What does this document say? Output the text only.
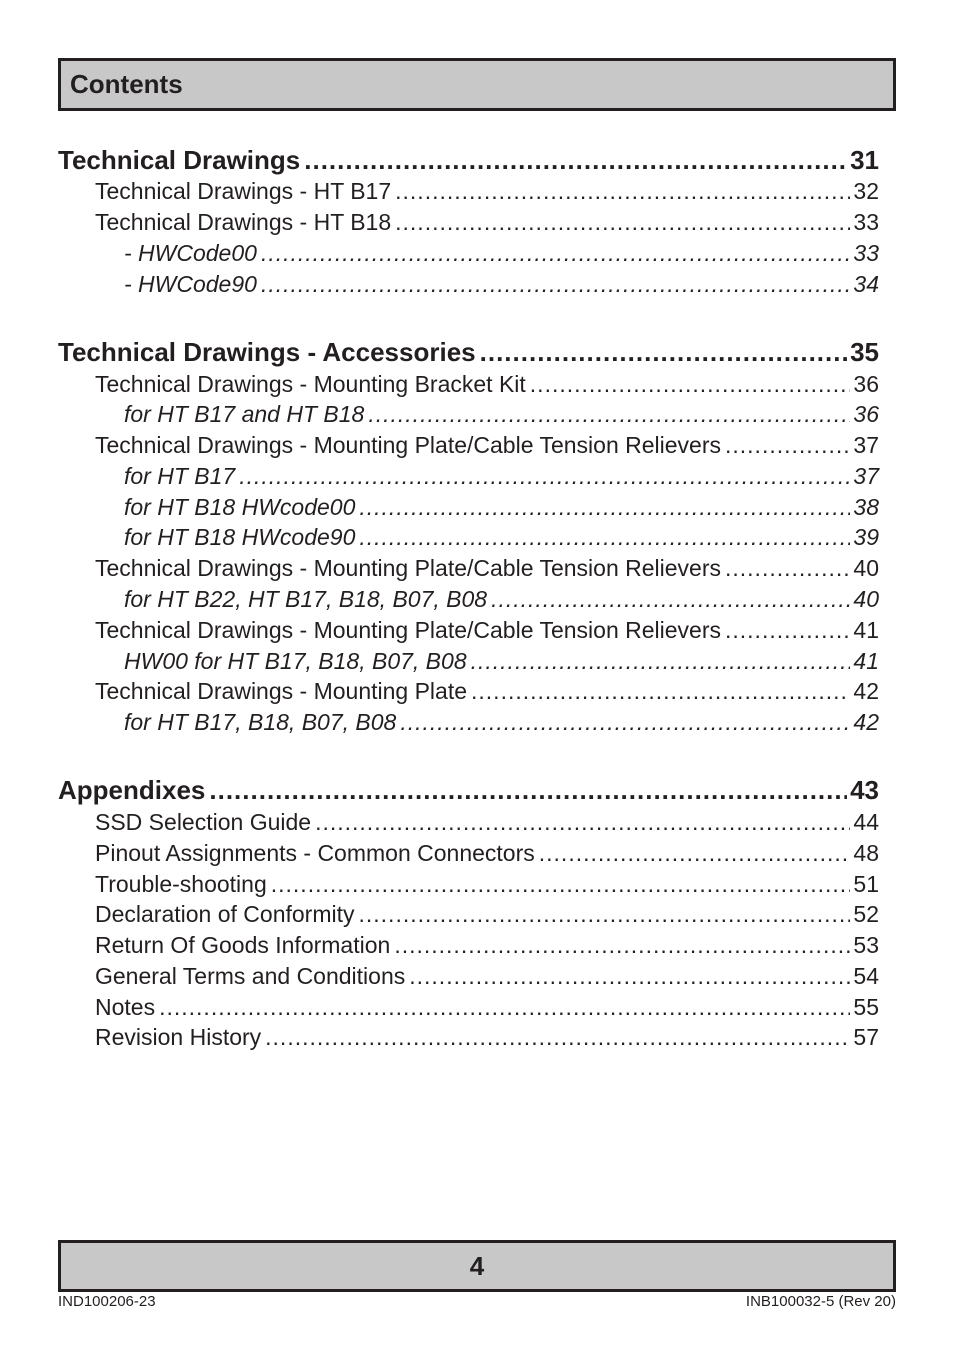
Contents
Technical Drawings .....	31
Technical Drawings - HT B17 .....	32
Technical Drawings - HT B18 .....	33
- HWCode00 .....	33
- HWCode90 .....	34
Technical Drawings - Accessories .....	35
Technical Drawings - Mounting Bracket Kit .....	36
for HT B17 and HT B18 .....	36
Technical Drawings - Mounting Plate/Cable Tension Relievers .....	37
for HT B17 .....	37
for HT B18 HWcode00 .....	38
for HT B18 HWcode90 .....	39
Technical Drawings - Mounting Plate/Cable Tension Relievers .....	40
for HT B22, HT B17, B18, B07, B08 .....	40
Technical Drawings - Mounting Plate/Cable Tension Relievers .....	41
HW00 for HT B17, B18, B07, B08 .....	41
Technical Drawings - Mounting Plate .....	42
for HT B17, B18, B07, B08 .....	42
Appendixes .....	43
SSD Selection Guide .....	44
Pinout Assignments - Common Connectors .....	48
Trouble-shooting .....	51
Declaration of Conformity .....	52
Return Of Goods Information .....	53
General Terms and Conditions .....	54
Notes .....	55
Revision History .....	57
4
IND100206-23	INB100032-5 (Rev 20)
